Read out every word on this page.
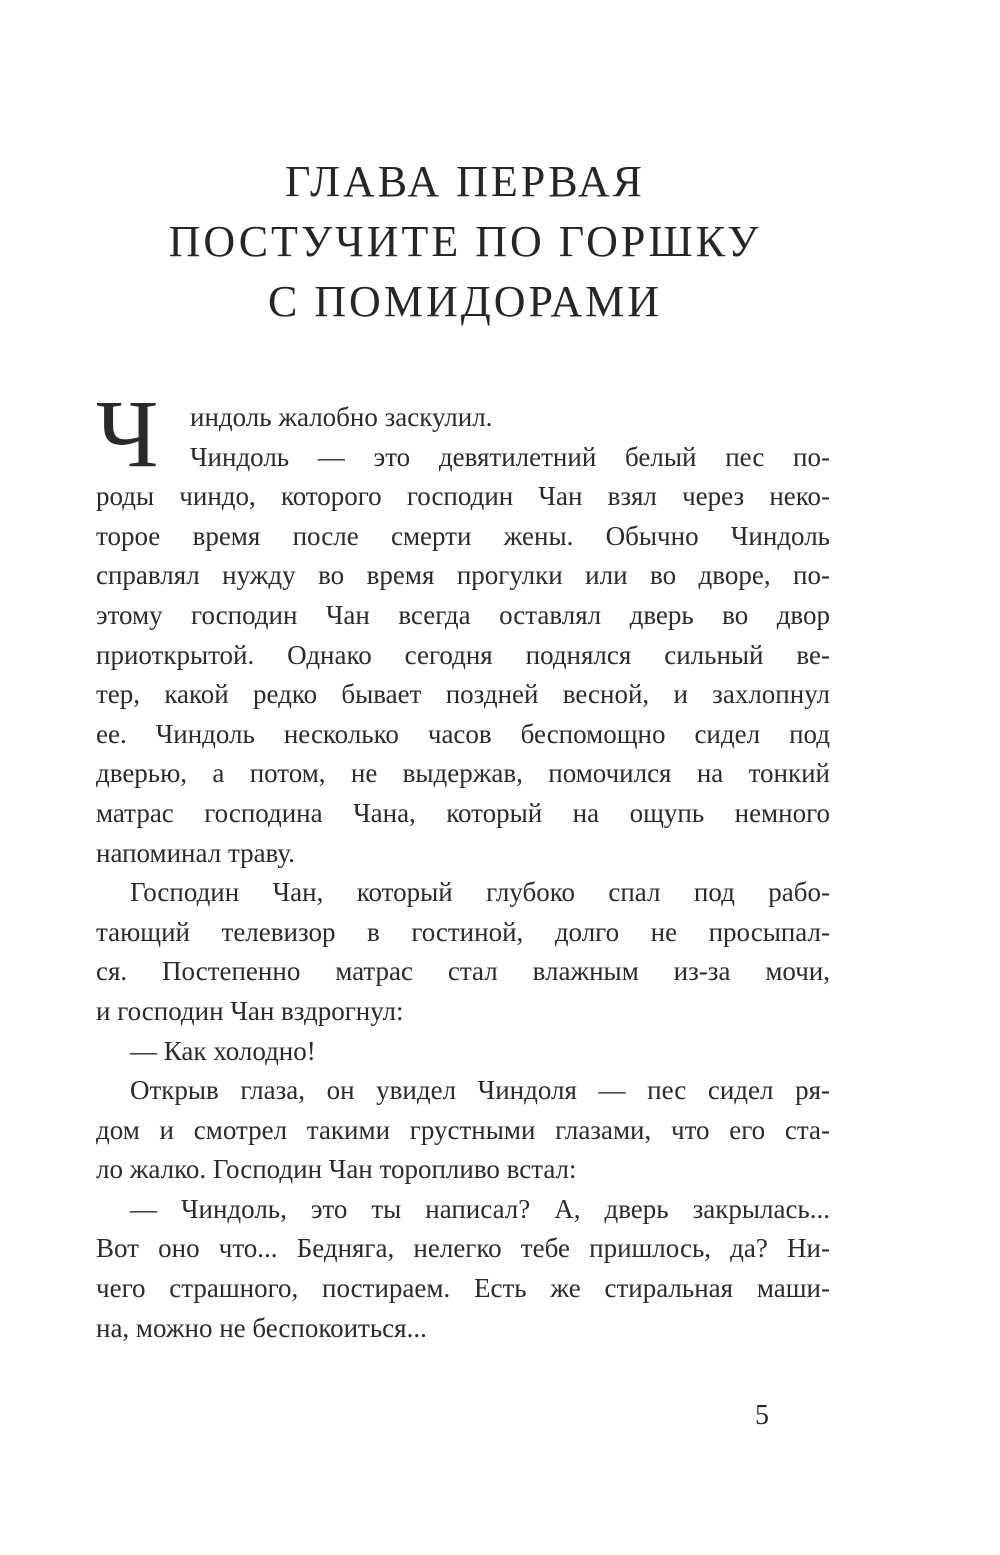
ГЛАВА ПЕРВАЯ
ПОСТУЧИТЕ ПО ГОРШКУ
С ПОМИДОРАМИ
Ч	индоль жалобно заскулил.

Чиндоль — это девятилетний белый пес по-

роды чиндо, которого господин Чан взял через неко-

торое время после смерти жены. Обычно Чиндоль

справлял нужду во время прогулки или во дворе, по-

этому господин Чан всегда оставлял дверь во двор

приоткрытой. Однако сегодня поднялся сильный ве-

тер, какой редко бывает поздней весной, и захлопнул

ее. Чиндоль несколько часов беспомощно сидел под

дверью, а потом, не выдержав, помочился на тонкий

матрас господина Чана, который на ощупь немного

напоминал траву.

Господин Чан, который глубоко спал под рабо-

тающий телевизор в гостиной, долго не просыпал-

ся. Постепенно матрас стал влажным из-за мочи,

и господин Чан вздрогнул:

— Как холодно!

Открыв глаза, он увидел Чиндоля — пес сидел ря-

дом и смотрел такими грустными глазами, что его ста-

ло жалко. Господин Чан торопливо встал:

— Чиндоль, это ты написал? А, дверь закрылась...

Вот оно что... Бедняга, нелегко тебе пришлось, да? Ни-

чего страшного, постираем. Есть же стиральная маши-

на, можно не беспокоиться...

5
